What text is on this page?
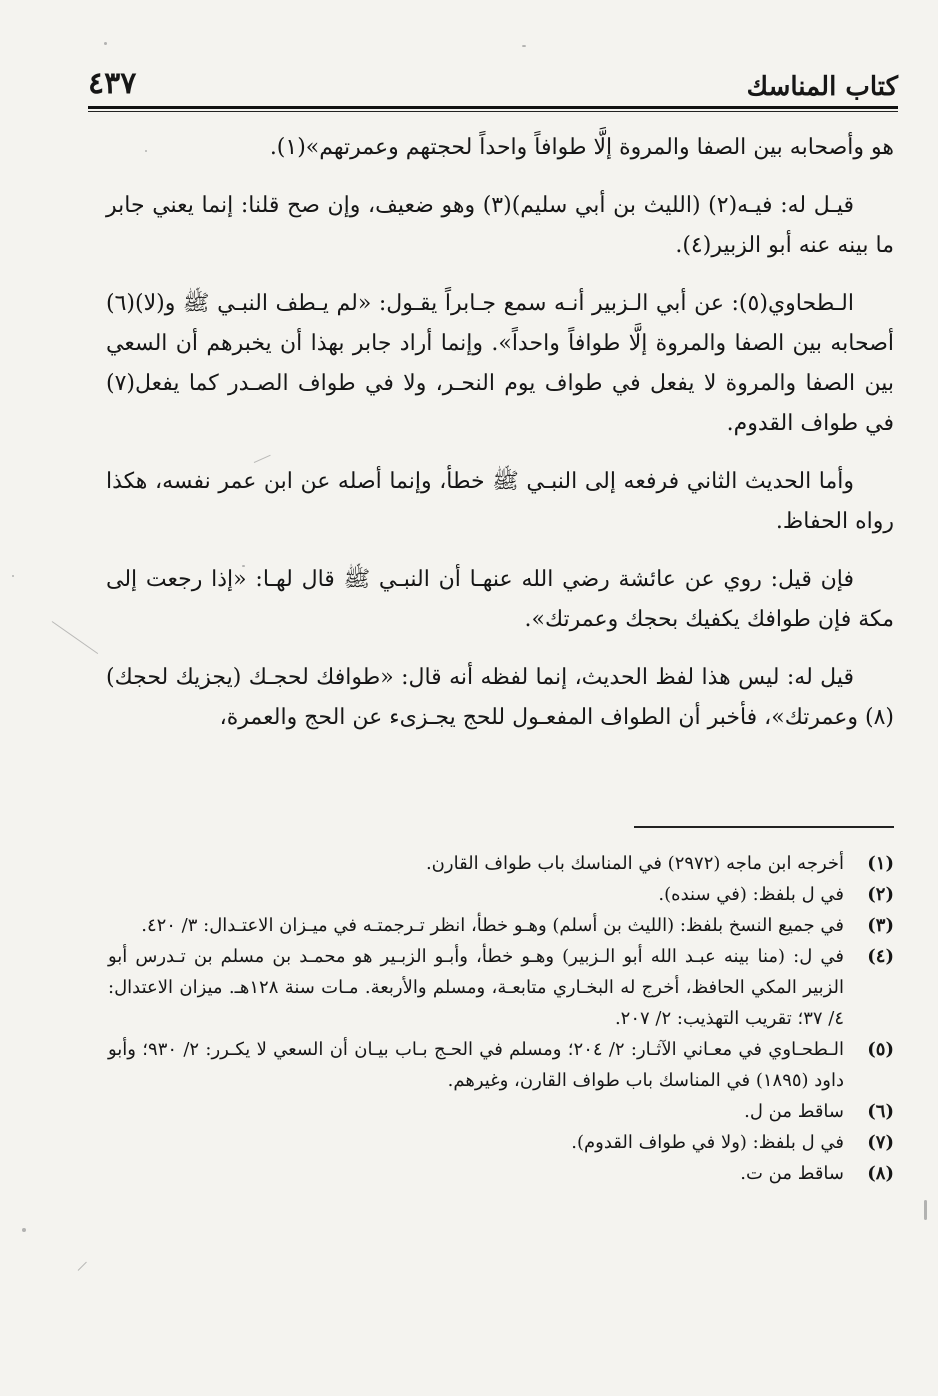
٤٣٧	كتاب المناسك

هو وأصحابه بين الصفا والمروة إلَّا طوافاً واحداً لحجتهم وعمرتهم»(١).

قيـل له: فيـه(٢) (الليث بن أبي سليم)(٣) وهو ضعيف، وإن صح قلنا: إنما يعني جابر ما بينه عنه أبو الزبير(٤).

الـطحاوي(٥): عن أبي الـزبير أنـه سمع جـابراً يقـول: «لم يـطف النبـي ﷺ و(لا)(٦) أصحابه بين الصفا والمروة إلَّا طوافاً واحداً». وإنما أراد جابر بهذا أن يخبرهم أن السعي بين الصفا والمروة لا يفعل في طواف يوم النحـر، ولا في طواف الصـدر كما يفعل(٧) في طواف القدوم.

وأما الحديث الثاني فرفعه إلى النبـي ﷺ خطأ، وإنما أصله عن ابن عمر نفسه، هكذا رواه الحفاظ.

فإن قيل: روي عن عائشة رضي الله عنهـا أن النبـي ﷺ قال لهـا: «إذا رجعت إلى مكة فإن طوافك يكفيك بحجك وعمرتك».

قيل له: ليس هذا لفظ الحديث، إنما لفظه أنه قال: «طوافك لحجـك (يجزيك لحجك)(٨) وعمرتك»، فأخبر أن الطواف المفعـول للحج يجـزىء عن الحج والعمرة،

(١)
أخرجه ابن ماجه (٢٩٧٢) في المناسك باب طواف القارن.
(٢)
في ل بلفظ: (في سنده).
(٣)
في جميع النسخ بلفظ: (الليث بن أسلم) وهـو خطأ، انظر تـرجمتـه في ميـزان الاعتـدال: ٣/ ٤٢٠.
(٤)
في ل: (منا بينه عبـد الله أبو الـزبير) وهـو خطأ، وأبـو الزبـير هو محمـد بن مسلم بن تـدرس أبو الزبير المكي الحافظ، أخرج له البخـاري متابعـة، ومسلم والأربعة. مـات سنة ١٢٨هـ. ميزان الاعتدال: ٤/ ٣٧؛ تقريب التهذيب: ٢/ ٢٠٧.
(٥)
الـطحـاوي في معـاني الآثـار: ٢/ ٢٠٤؛ ومسلم في الحـج بـاب بيـان أن السعي لا يكـرر: ٢/ ٩٣٠؛ وأبو داود (١٨٩٥) في المناسك باب طواف القارن، وغيرهم.
(٦)
ساقط من ل.
(٧)
في ل بلفظ: (ولا في طواف القدوم).
(٨)
ساقط من ت.
